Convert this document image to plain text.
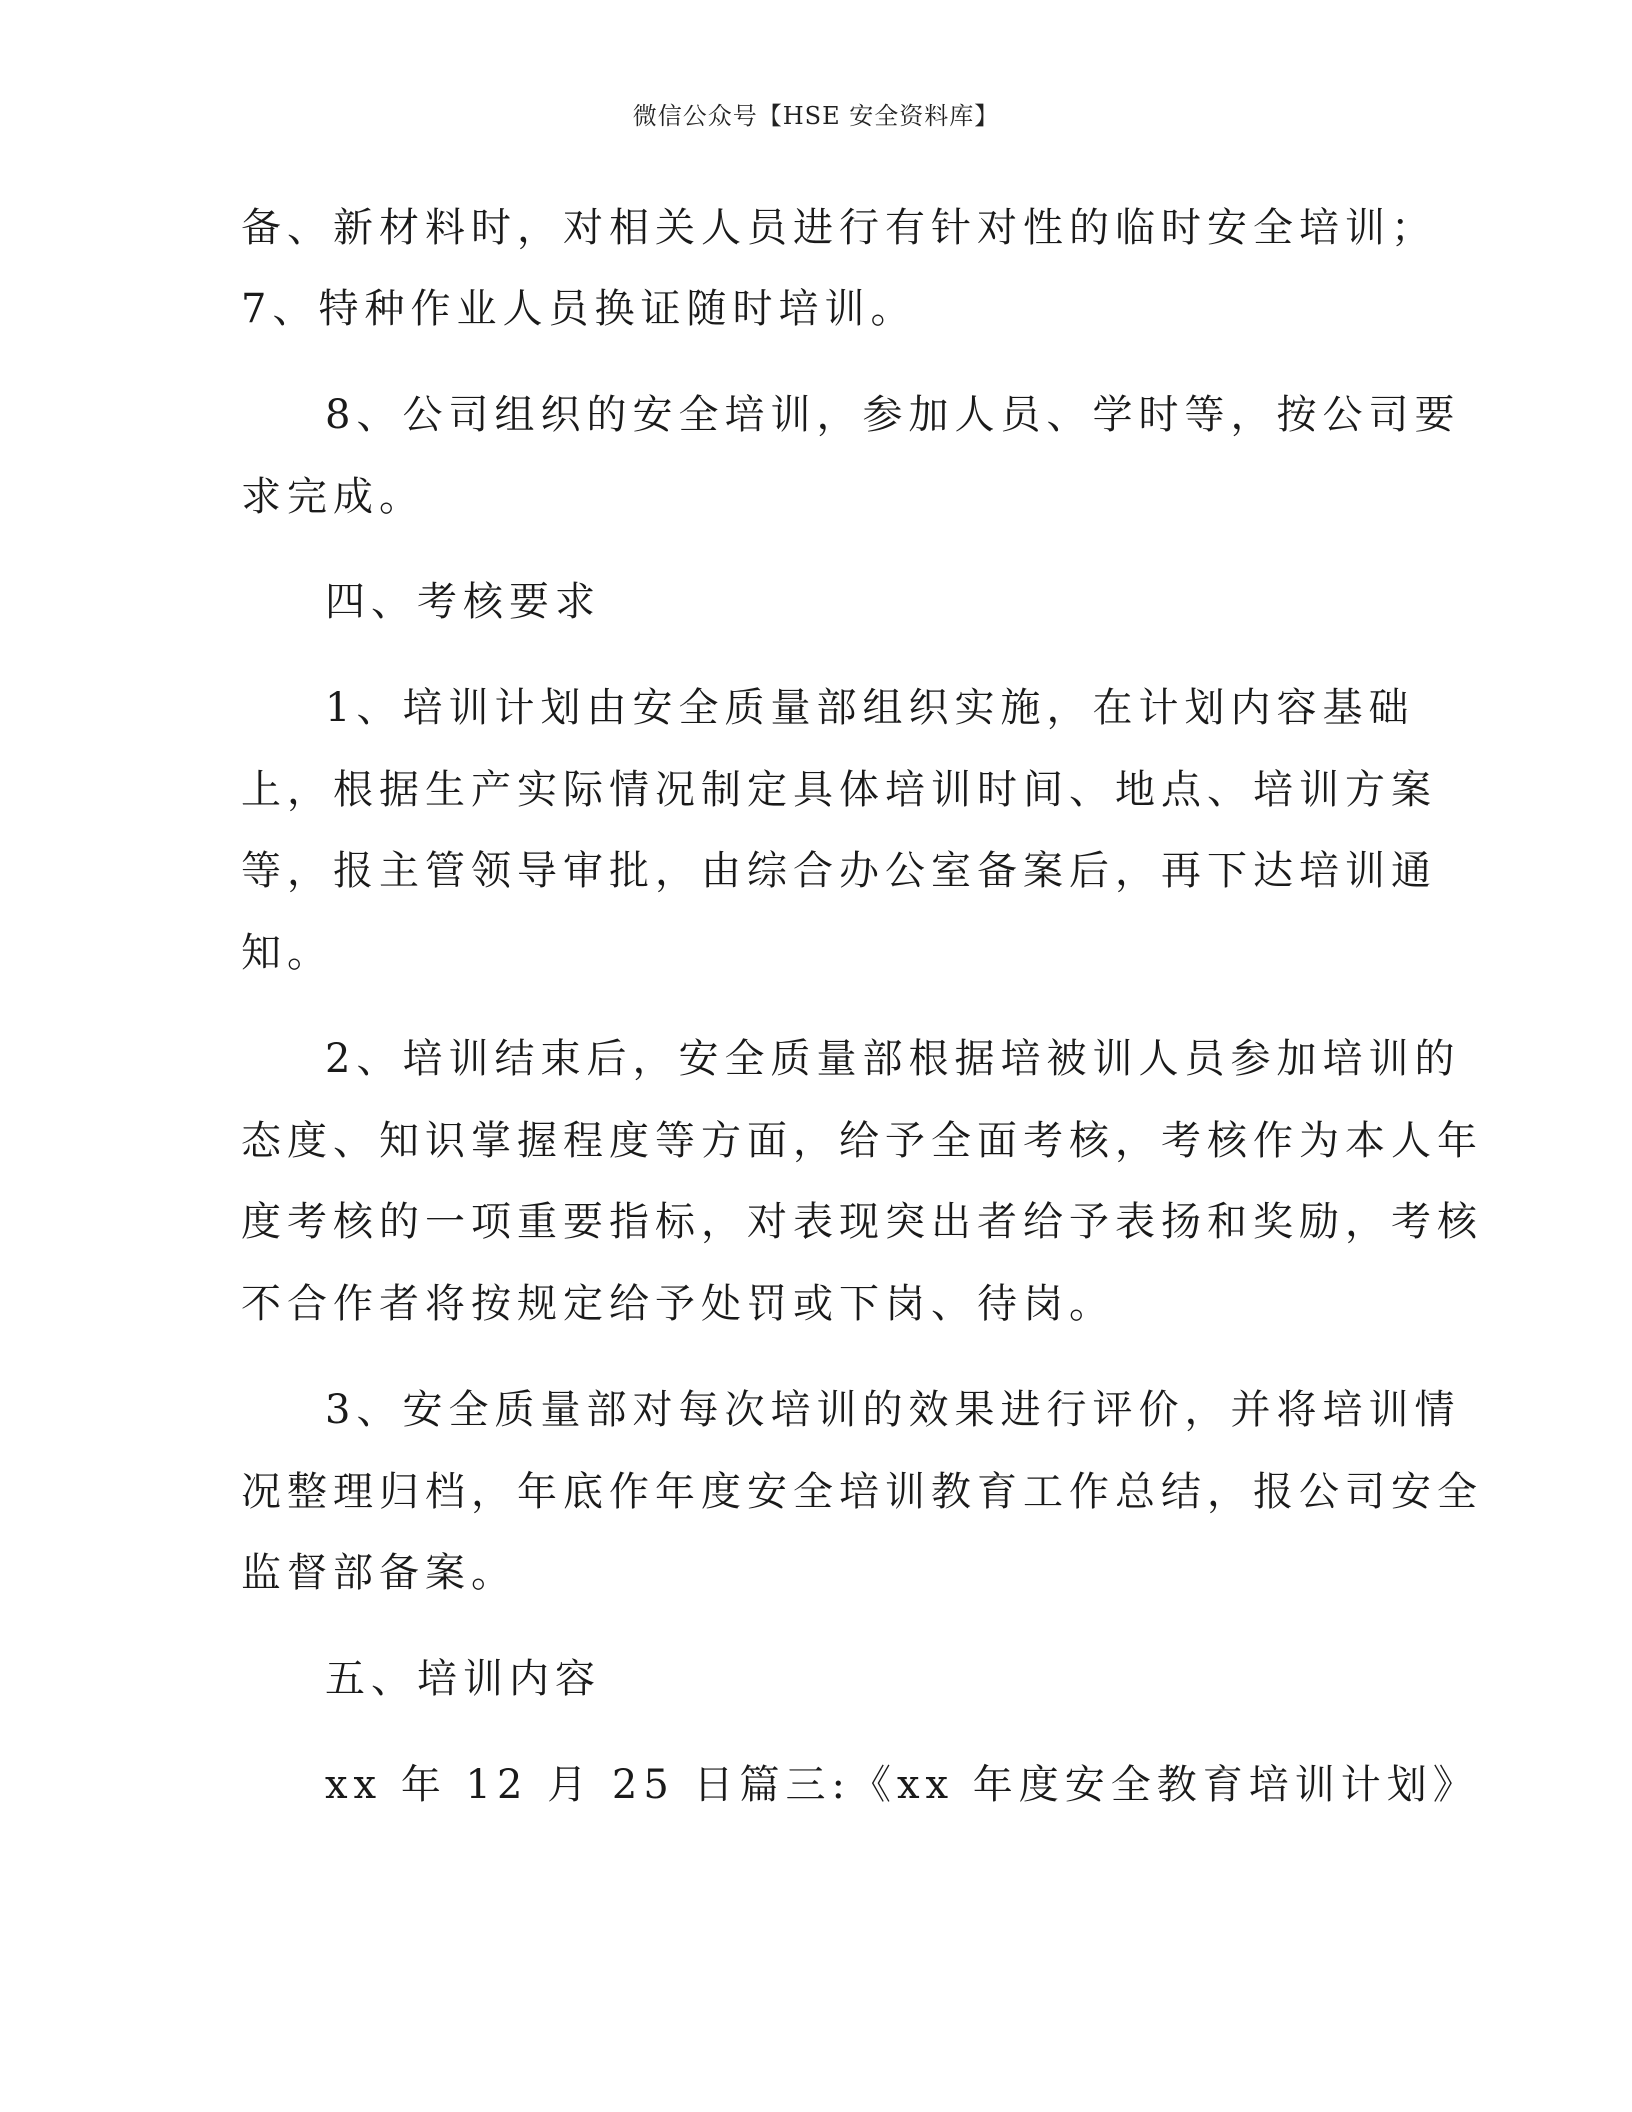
微信公众号【HSE 安全资料库】
备、新材料时，对相关人员进行有针对性的临时安全培训；
7、特种作业人员换证随时培训。
8、公司组织的安全培训，参加人员、学时等，按公司要
求完成。
四、考核要求
1、培训计划由安全质量部组织实施，在计划内容基础
上，根据生产实际情况制定具体培训时间、地点、培训方案
等，报主管领导审批，由综合办公室备案后，再下达培训通
知。
2、培训结束后，安全质量部根据培被训人员参加培训的
态度、知识掌握程度等方面，给予全面考核，考核作为本人年
度考核的一项重要指标，对表现突出者给予表扬和奖励，考核
不合作者将按规定给予处罚或下岗、待岗。
3、安全质量部对每次培训的效果进行评价，并将培训情
况整理归档，年底作年度安全培训教育工作总结，报公司安全
监督部备案。
五、培训内容
xx 年 12 月 25 日篇三:《xx 年度安全教育培训计划》
